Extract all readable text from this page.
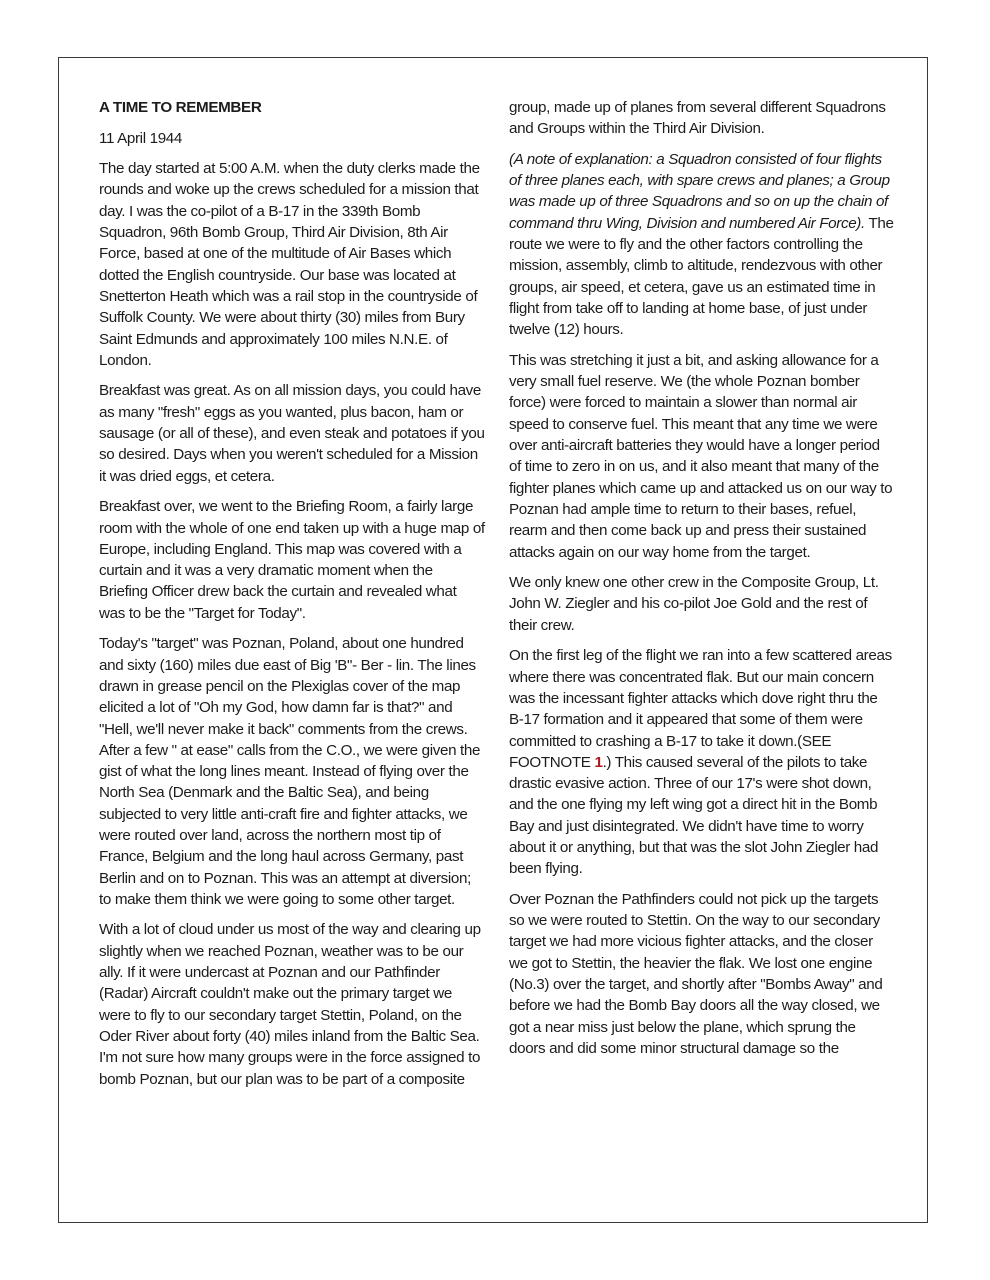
A TIME TO REMEMBER

11 April 1944

The day started at 5:00 A.M. when the duty clerks made the rounds and woke up the crews scheduled for a mission that day. I was the co-pilot of a B-17 in the 339th Bomb Squadron, 96th Bomb Group, Third Air Division, 8th Air Force, based at one of the multitude of Air Bases which dotted the English countryside. Our base was located at Snetterton Heath which was a rail stop in the countryside of Suffolk County. We were about thirty (30) miles from Bury Saint Edmunds and approximately 100 miles N.N.E. of London.

Breakfast was great. As on all mission days, you could have as many "fresh" eggs as you wanted, plus bacon, ham or sausage (or all of these), and even steak and potatoes if you so desired. Days when you weren't scheduled for a Mission it was dried eggs, et cetera.

Breakfast over, we went to the Briefing Room, a fairly large room with the whole of one end taken up with a huge map of Europe, including England. This map was covered with a curtain and it was a very dramatic moment when the Briefing Officer drew back the curtain and revealed what was to be the "Target for Today".

Today's "target" was Poznan, Poland, about one hundred and sixty (160) miles due east of Big 'B"- Ber - lin. The lines drawn in grease pencil on the Plexiglas cover of the map elicited a lot of "Oh my God, how damn far is that?" and "Hell, we'll never make it back" comments from the crews. After a few " at ease" calls from the C.O., we were given the gist of what the long lines meant. Instead of flying over the North Sea (Denmark and the Baltic Sea), and being subjected to very little anti-craft fire and fighter attacks, we were routed over land, across the northern most tip of France, Belgium and the long haul across Germany, past Berlin and on to Poznan. This was an attempt at diversion; to make them think we were going to some other target.

With a lot of cloud under us most of the way and clearing up slightly when we reached Poznan, weather was to be our ally. If it were undercast at Poznan and our Pathfinder (Radar) Aircraft couldn't make out the primary target we were to fly to our secondary target Stettin, Poland, on the Oder River about forty (40) miles inland from the Baltic Sea. I'm not sure how many groups were in the force assigned to bomb Poznan, but our plan was to be part of a composite

group, made up of planes from several different Squadrons and Groups within the Third Air Division.

(A note of explanation: a Squadron consisted of four flights of three planes each, with spare crews and planes; a Group was made up of three Squadrons and so on up the chain of command thru Wing, Division and numbered Air Force). The route we were to fly and the other factors controlling the mission, assembly, climb to altitude, rendezvous with other groups, air speed, et cetera, gave us an estimated time in flight from take off to landing at home base, of just under twelve (12) hours.

This was stretching it just a bit, and asking allowance for a very small fuel reserve. We (the whole Poznan bomber force) were forced to maintain a slower than normal air speed to conserve fuel. This meant that any time we were over anti-aircraft batteries they would have a longer period of time to zero in on us, and it also meant that many of the fighter planes which came up and attacked us on our way to Poznan had ample time to return to their bases, refuel, rearm and then come back up and press their sustained attacks again on our way home from the target.

We only knew one other crew in the Composite Group, Lt. John W. Ziegler and his co-pilot Joe Gold and the rest of their crew.

On the first leg of the flight we ran into a few scattered areas where there was concentrated flak. But our main concern was the incessant fighter attacks which dove right thru the B-17 formation and it appeared that some of them were committed to crashing a B-17 to take it down.(SEE FOOTNOTE 1.) This caused several of the pilots to take drastic evasive action. Three of our 17's were shot down, and the one flying my left wing got a direct hit in the Bomb Bay and just disintegrated. We didn't have time to worry about it or anything, but that was the slot John Ziegler had been flying.

Over Poznan the Pathfinders could not pick up the targets so we were routed to Stettin. On the way to our secondary target we had more vicious fighter attacks, and the closer we got to Stettin, the heavier the flak. We lost one engine (No.3) over the target, and shortly after "Bombs Away" and before we had the Bomb Bay doors all the way closed, we got a near miss just below the plane, which sprung the doors and did some minor structural damage so the
